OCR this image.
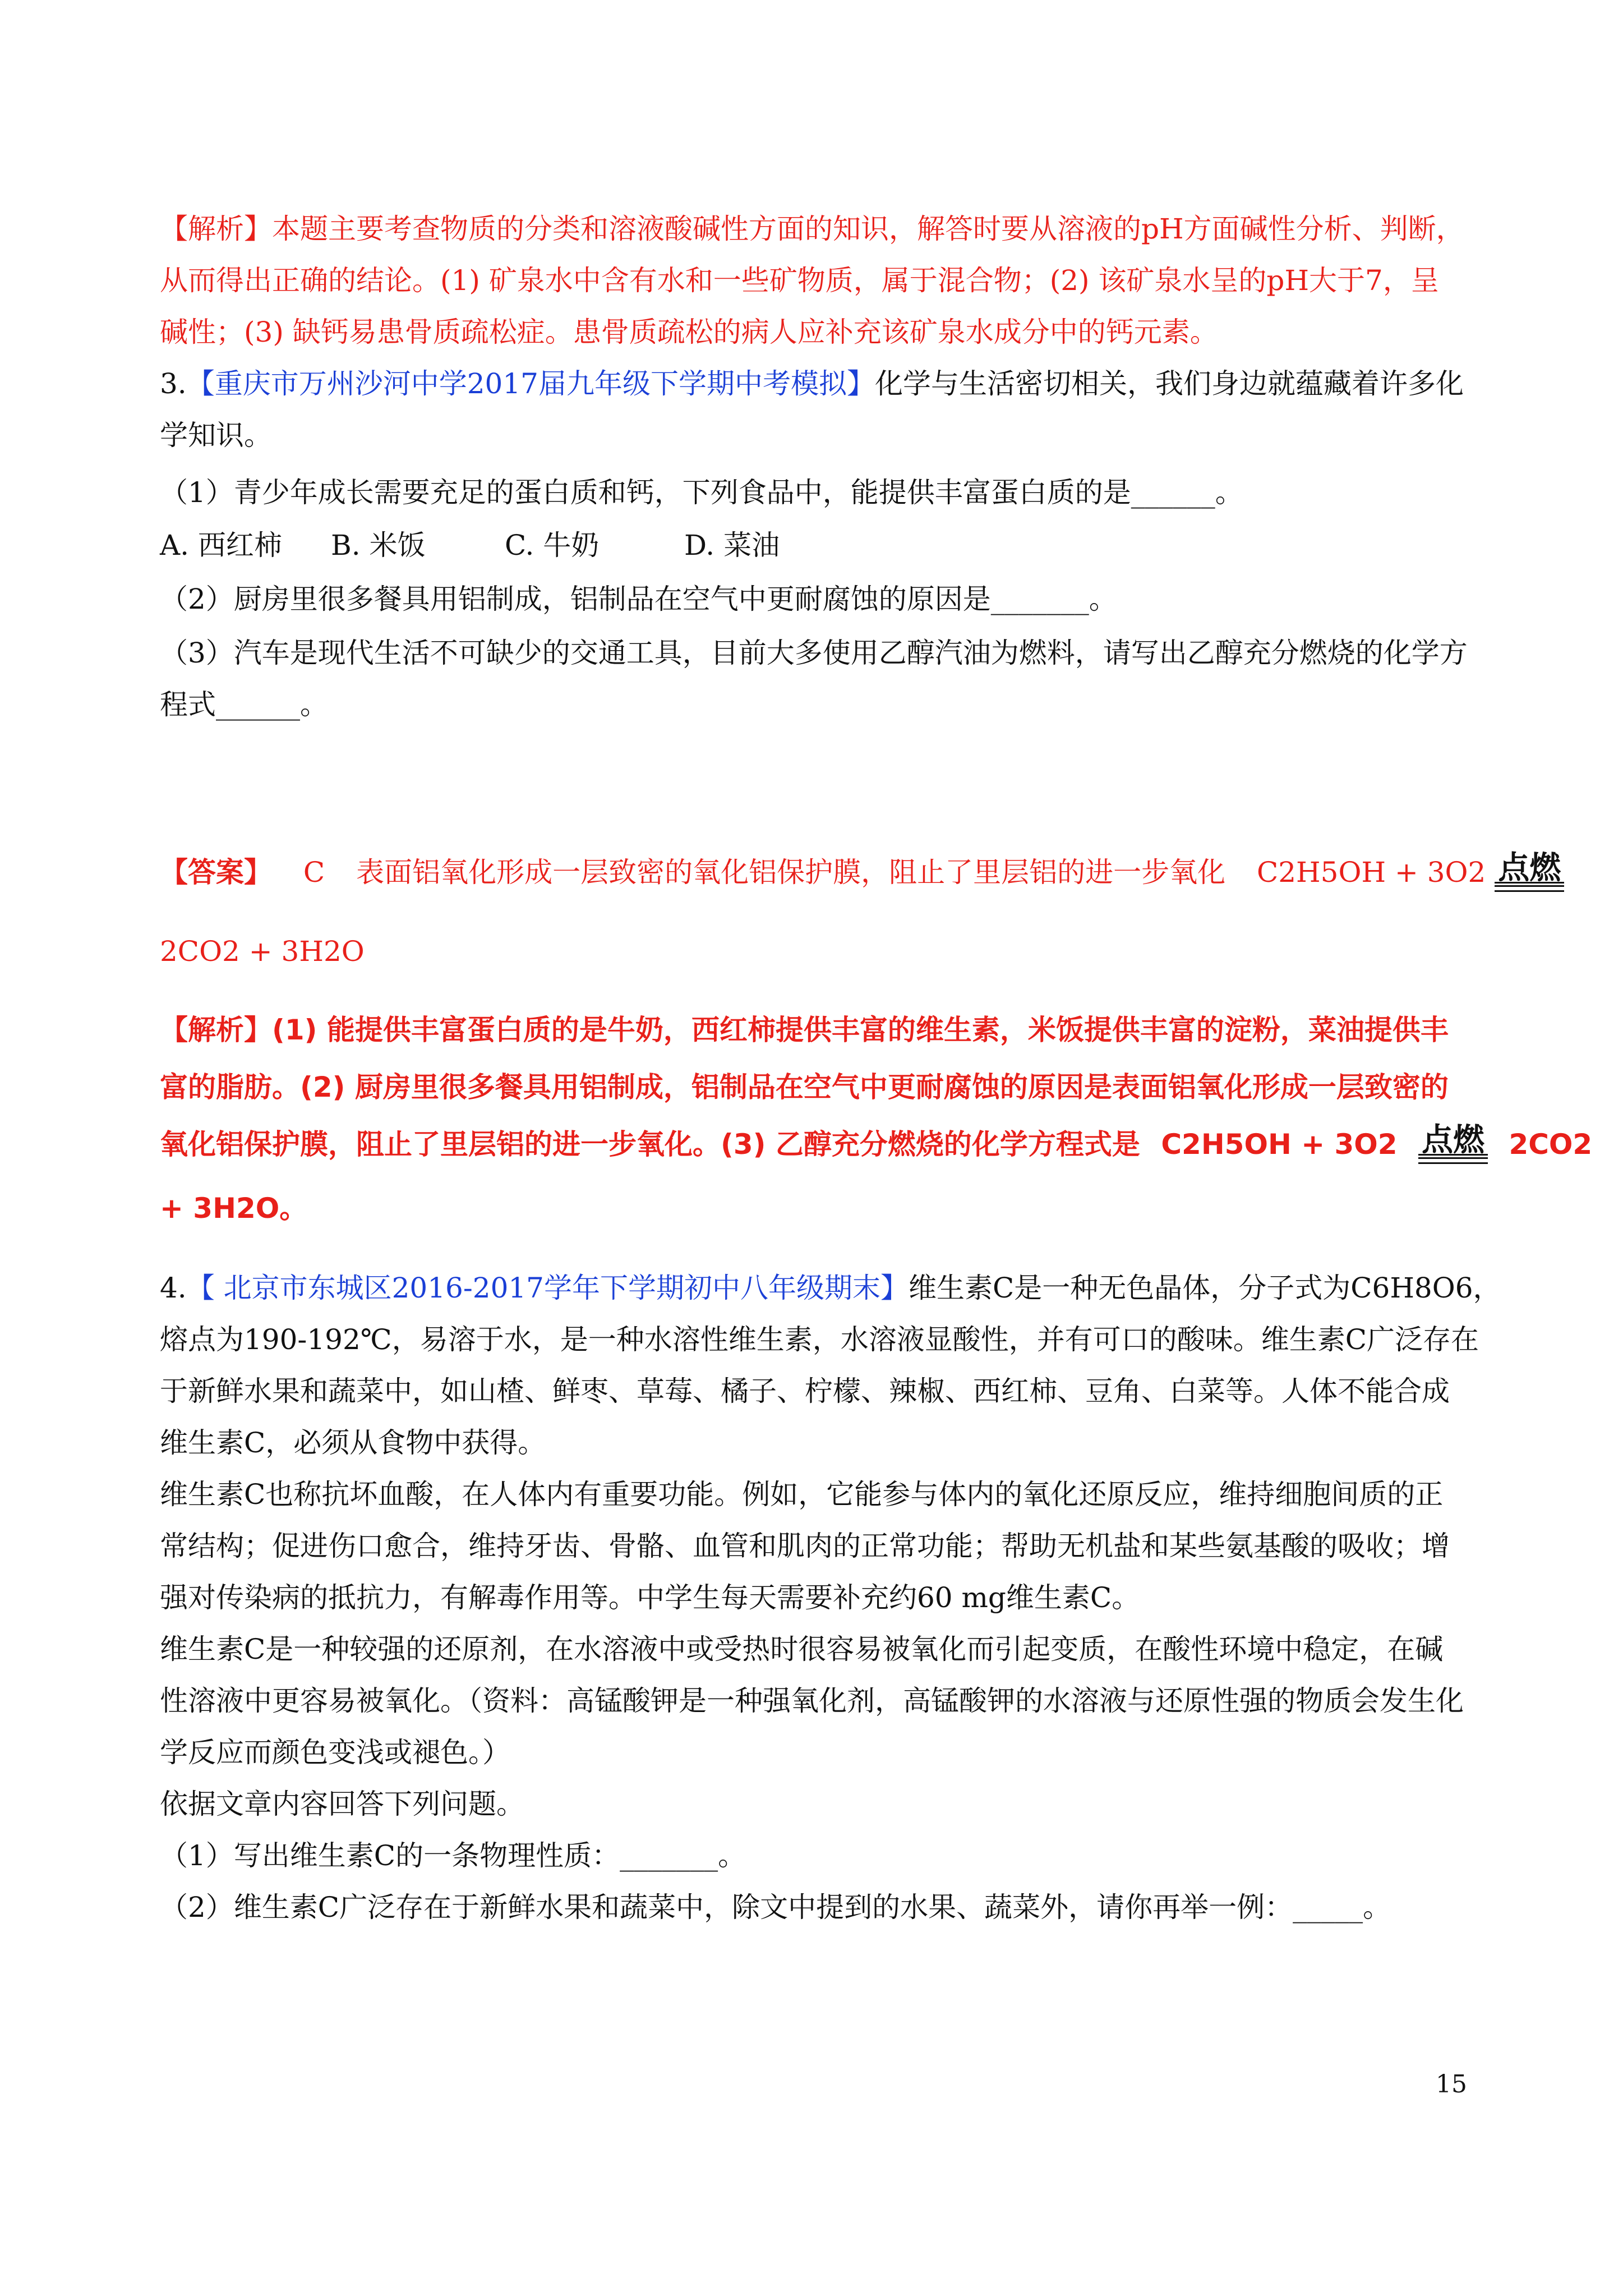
【解析】本题主要考查物质的分类和溶液酸碱性方面的知识，解答时要从溶液的pH方面碱性分析、判断，
从而得出正确的结论。(1) 矿泉水中含有水和一些矿物质，属于混合物；(2) 该矿泉水呈的pH大于7，呈
碱性；(3) 缺钙易患骨质疏松症。患骨质疏松的病人应补充该矿泉水成分中的钙元素。
3.【重庆市万州沙河中学2017届九年级下学期中考模拟】化学与生活密切相关，我们身边就蕴藏着许多化
学知识。
（1）青少年成长需要充足的蛋白质和钙，下列食品中，能提供丰富蛋白质的是______。
A. 西红柿 B. 米饭	C. 牛奶	D. 菜油
（2）厨房里很多餐具用铝制成，铝制品在空气中更耐腐蚀的原因是_______。
（3）汽车是现代生活不可缺少的交通工具，目前大多使用乙醇汽油为燃料，请写出乙醇充分燃烧的化学方
程式______。
【答案】 C 表面铝氧化形成一层致密的氧化铝保护膜，阻止了里层铝的进一步氧化 C2H5OH + 3O2 点燃
2CO2 + 3H2O
【解析】(1) 能提供丰富蛋白质的是牛奶，西红柿提供丰富的维生素，米饭提供丰富的淀粉，菜油提供丰
富的脂肪。(2) 厨房里很多餐具用铝制成，铝制品在空气中更耐腐蚀的原因是表面铝氧化形成一层致密的
氧化铝保护膜，阻止了里层铝的进一步氧化。(3) 乙醇充分燃烧的化学方程式是 C2H5OH + 3O2 点燃 2CO2
+ 3H2O。
4.【 北京市东城区2016-2017学年下学期初中八年级期末】维生素C是一种无色晶体，分子式为C6H8O6，
熔点为190-192℃，易溶于水，是一种水溶性维生素，水溶液显酸性，并有可口的酸味。维生素C广泛存在
于新鲜水果和蔬菜中，如山楂、鲜枣、草莓、橘子、柠檬、辣椒、西红柿、豆角、白菜等。人体不能合成
维生素C，必须从食物中获得。
维生素C也称抗坏血酸，在人体内有重要功能。例如，它能参与体内的氧化还原反应，维持细胞间质的正
常结构；促进伤口愈合，维持牙齿、骨骼、血管和肌肉的正常功能；帮助无机盐和某些氨基酸的吸收；增
强对传染病的抵抗力，有解毒作用等。中学生每天需要补充约60 mg维生素C。
维生素C是一种较强的还原剂，在水溶液中或受热时很容易被氧化而引起变质，在酸性环境中稳定，在碱
性溶液中更容易被氧化。（资料：高锰酸钾是一种强氧化剂，高锰酸钾的水溶液与还原性强的物质会发生化
学反应而颜色变浅或褪色。）
依据文章内容回答下列问题。
（1）写出维生素C的一条物理性质：_______。
（2）维生素C广泛存在于新鲜水果和蔬菜中，除文中提到的水果、蔬菜外，请你再举一例：_____。
15
